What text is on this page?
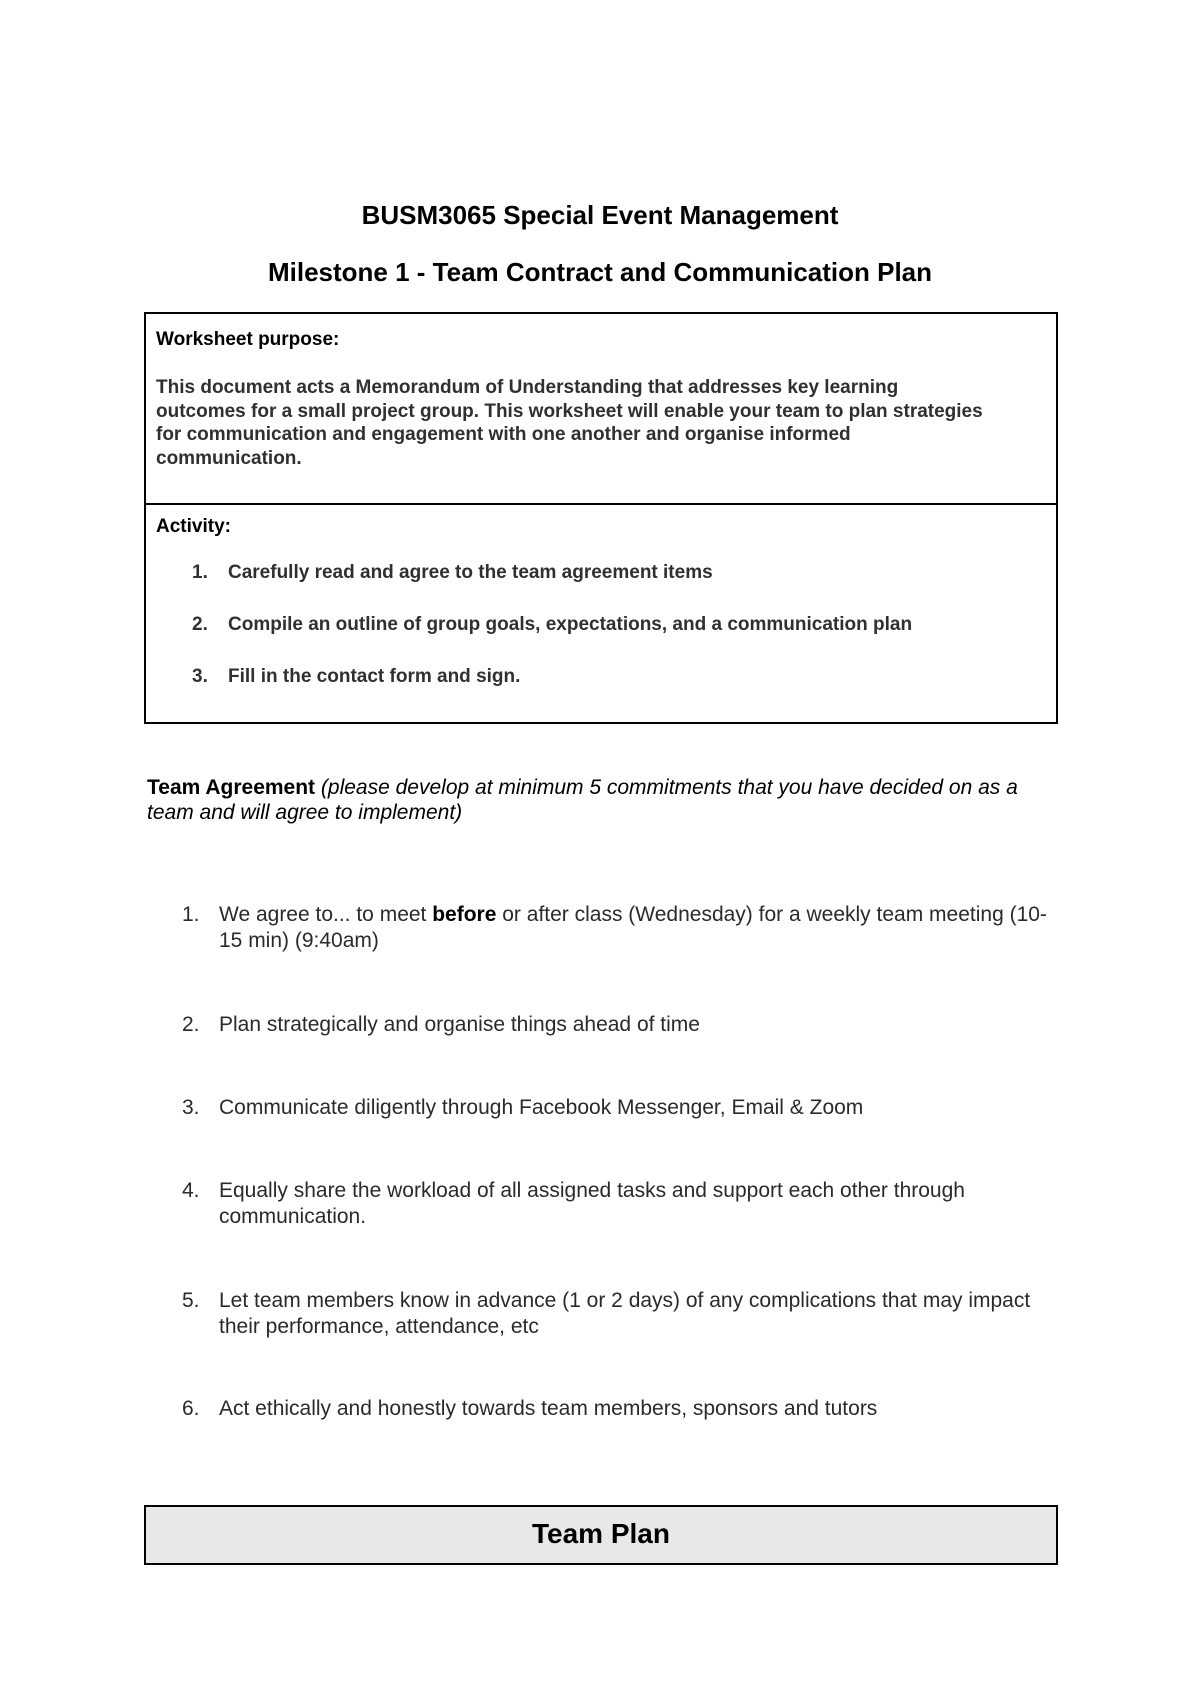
BUSM3065 Special Event Management
Milestone 1 - Team Contract and Communication Plan
Worksheet purpose:
This document acts a Memorandum of Understanding that addresses key learning
outcomes for a small project group. This worksheet will enable your team to plan strategies
for communication and engagement with one another and organise informed
communication.
Activity:
1. Carefully read and agree to the team agreement items
2. Compile an outline of group goals, expectations, and a communication plan
3. Fill in the contact form and sign.
Team Agreement (please develop at minimum 5 commitments that you have decided on as a team and will agree to implement)
1. We agree to... to meet before or after class (Wednesday) for a weekly team meeting (10-15 min) (9:40am)
2. Plan strategically and organise things ahead of time
3. Communicate diligently through Facebook Messenger, Email & Zoom
4. Equally share the workload of all assigned tasks and support each other through communication.
5. Let team members know in advance (1 or 2 days) of any complications that may impact their performance, attendance, etc
6. Act ethically and honestly towards team members, sponsors and tutors
Team Plan
